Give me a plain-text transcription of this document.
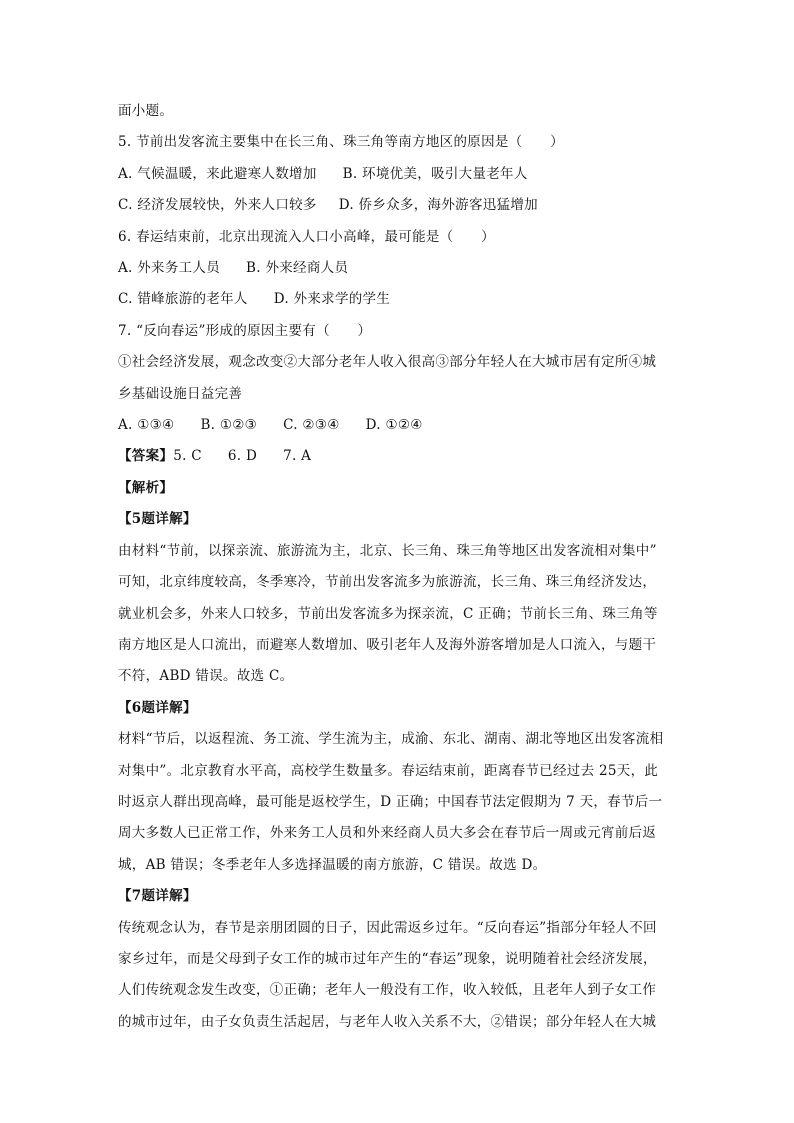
面小题。
5. 节前出发客流主要集中在长三角、珠三角等南方地区的原因是（　　）
A. 气候温暖，来此避寒人数增加 B. 环境优美，吸引大量老年人
C. 经济发展较快，外来人口较多 D. 侨乡众多，海外游客迅猛增加
6. 春运结束前，北京出现流入人口小高峰，最可能是（　　）
A. 外来务工人员 B. 外来经商人员
C. 错峰旅游的老年人 D. 外来求学的学生
7. “反向春运”形成的原因主要有（　　）
①社会经济发展，观念改变②大部分老年人收入很高③部分年轻人在大城市居有定所④城
乡基础设施日益完善
A. ①③④ B. ①②③ C. ②③④ D. ①②④
【答案】5. C 6. D 7. A
【解析】
【5题详解】
由材料“节前，以探亲流、旅游流为主，北京、长三角、珠三角等地区出发客流相对集中”
可知，北京纬度较高，冬季寒冷，节前出发客流多为旅游流，长三角、珠三角经济发达，
就业机会多，外来人口较多，节前出发客流多为探亲流，C 正确；节前长三角、珠三角等
南方地区是人口流出，而避寒人数增加、吸引老年人及海外游客增加是人口流入，与题干
不符，ABD 错误。故选 C。
【6题详解】
材料“节后，以返程流、务工流、学生流为主，成渝、东北、湖南、湖北等地区出发客流相
对集中”。北京教育水平高，高校学生数量多。春运结束前，距离春节已经过去 25天，此
时返京人群出现高峰，最可能是返校学生，D 正确；中国春节法定假期为 7 天，春节后一
周大多数人已正常工作，外来务工人员和外来经商人员大多会在春节后一周或元宵前后返
城，AB 错误；冬季老年人多选择温暖的南方旅游，C 错误。故选 D。
【7题详解】
传统观念认为，春节是亲朋团圆的日子，因此需返乡过年。“反向春运”指部分年轻人不回
家乡过年，而是父母到子女工作的城市过年产生的“春运”现象，说明随着社会经济发展，
人们传统观念发生改变，①正确；老年人一般没有工作，收入较低，且老年人到子女工作
的城市过年，由子女负责生活起居，与老年人收入关系不大，②错误；部分年轻人在大城
